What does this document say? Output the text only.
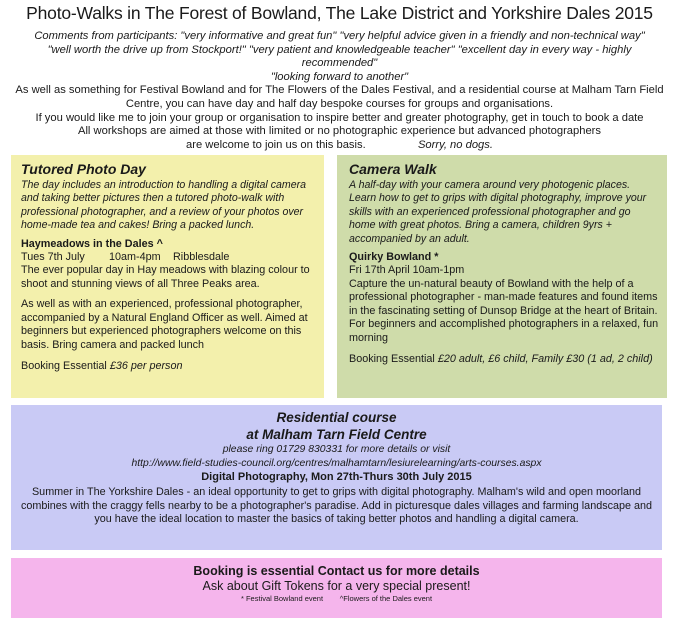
Photo-Walks in The Forest of Bowland, The Lake District and Yorkshire Dales 2015
Comments from participants: "very informative and great fun" "very helpful advice given in a friendly and non-technical way"
"well worth the drive up from Stockport!" "very patient and knowledgeable teacher" "excellent day in every way - highly recommended"
"looking forward to another"
As well as something for Festival Bowland and for The Flowers of the Dales Festival, and a residential course at Malham Tarn Field Centre, you can have day and half day bespoke courses for groups and organisations.
If you would like me to join your group or organisation to inspire better and greater photography, get in touch to book a date
All workshops are aimed at those with limited or no photographic experience but advanced photographers
are welcome to join us on this basis.	Sorry, no dogs.
Tutored Photo Day
The day includes an introduction to handling a digital camera and taking better pictures then a tutored photo-walk with professional photographer, and a review of your photos over home-made tea and cakes! Bring a packed lunch.
Haymeadows in the Dales ^
Tues 7th July 10am-4pm Ribblesdale
The ever popular day in Hay meadows with blazing colour to shoot and stunning views of all Three Peaks area.
As well as with an experienced, professional photographer, accompanied by a Natural England Officer as well. Aimed at beginners but experienced photographers welcome on this basis. Bring camera and packed lunch
Booking Essential £36 per person
Camera Walk
A half-day with your camera around very photogenic places. Learn how to get to grips with digital photography, improve your skills with an experienced professional photographer and go home with great photos. Bring a camera, children 9yrs + accompanied by an adult.
Quirky Bowland *
Fri 17th April 10am-1pm
Capture the un-natural beauty of Bowland with the help of a professional photographer - man-made features and found items in the fascinating setting of Dunsop Bridge at the heart of Britain.
For beginners and accomplished photographers in a relaxed, fun morning
Booking Essential £20 adult, £6 child, Family £30 (1 ad, 2 child)
Residential course
at Malham Tarn Field Centre
please ring 01729 830331 for more details or visit
http://www.field-studies-council.org/centres/malhamtarn/lesiurelearning/arts-courses.aspx
Digital Photography, Mon 27th-Thurs 30th July 2015
Summer in The Yorkshire Dales - an ideal opportunity to get to grips with digital photography. Malham's wild and open moorland combines with the craggy fells nearby to be a photographer's paradise. Add in picturesque dales villages and farming landscape and you have the ideal location to master the basics of taking better photos and handling a digital camera.
Booking is essential Contact us for more details
Ask about Gift Tokens for a very special present!
* Festival Bowland event        ^Flowers of the Dales event
